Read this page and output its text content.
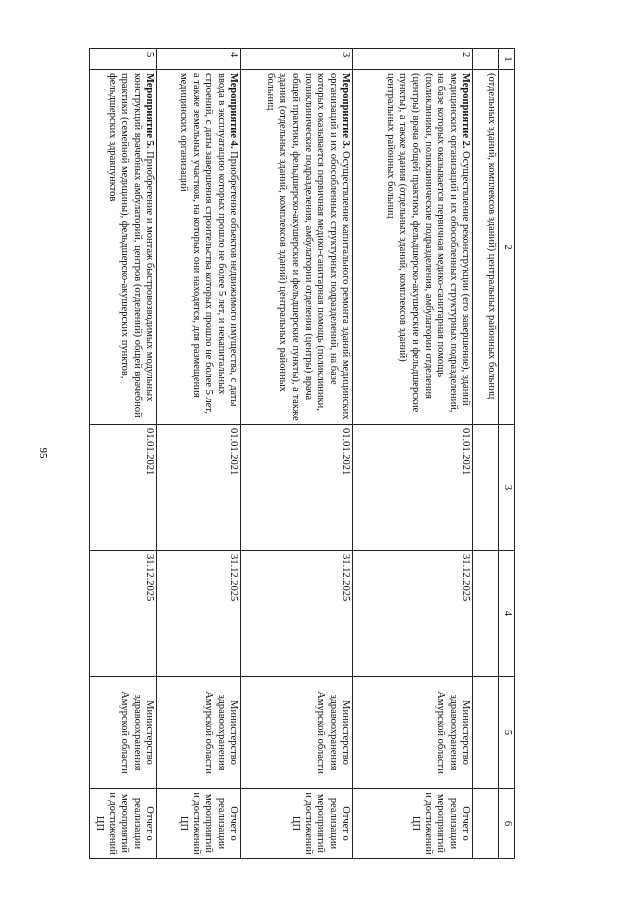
95
1	2	3	4	5	6
	(отдельных зданий, комплексов зданий) центральных районных больниц				
2	Мероприятие 2. Осуществление реконструкции (его завершение), зданий медицинских организаций и их обособленных структурных подразделений, на базе которых оказывается первичная медико-санитарная помощь (поликлиники, поликлинические подразделения, амбулатории отделения (центры) врача общей практики, фельдшерско-акушерские и фельдшерские пункты), а также здания (отдельных зданий, комплексов зданий) центральных районных больниц	01.01.2021	31.12.2025	Министерство здравоохранения Амурской области	Отчет о реализации мероприятий и достижений ЦП
3	Мероприятие 3. Осуществление капитального ремонта зданий медицинских организаций и их обособленных структурных подразделений, на базе которых оказывается первичная медико-санитарная помощь (поликлиники, поликлинические подразделения, амбулатории отделения (центры) врача общей практики, фельдшерско-акушерские и фельдшерские пункты), а также здания (отдельных зданий, комплексов зданий) центральных районных больниц	01.01.2021	31.12.2025	Министерство здравоохранения Амурской области	Отчет о реализации мероприятий и достижений ЦП
4	Мероприятие 4. Приобретение объектов недвижимого имущества, с даты ввода в эксплуатацию которых прошло не более 5 лет, и некапитальных строений, с даты завершения строительства которых прошло не более 5 лет, а также земельных участков, на которых они находятся, для размещения медицинских организаций	01.01.2021	31.12.2025	Министерство здравоохранения Амурской области	Отчет о реализации мероприятий и достижений ЦП
5	Мероприятие 5. Приобретение и монтаж быстровозводимых модульных конструкций врачебных амбулаторий, центров (отделений) общей врачебной практики (семейной медицины), фельдшерско-акушерских пунктов, фельдшерских здравпунктов	01.01.2021	31.12.2025	Министерство здравоохранения Амурской области	Отчет о реализации мероприятий и достижений ЦП
